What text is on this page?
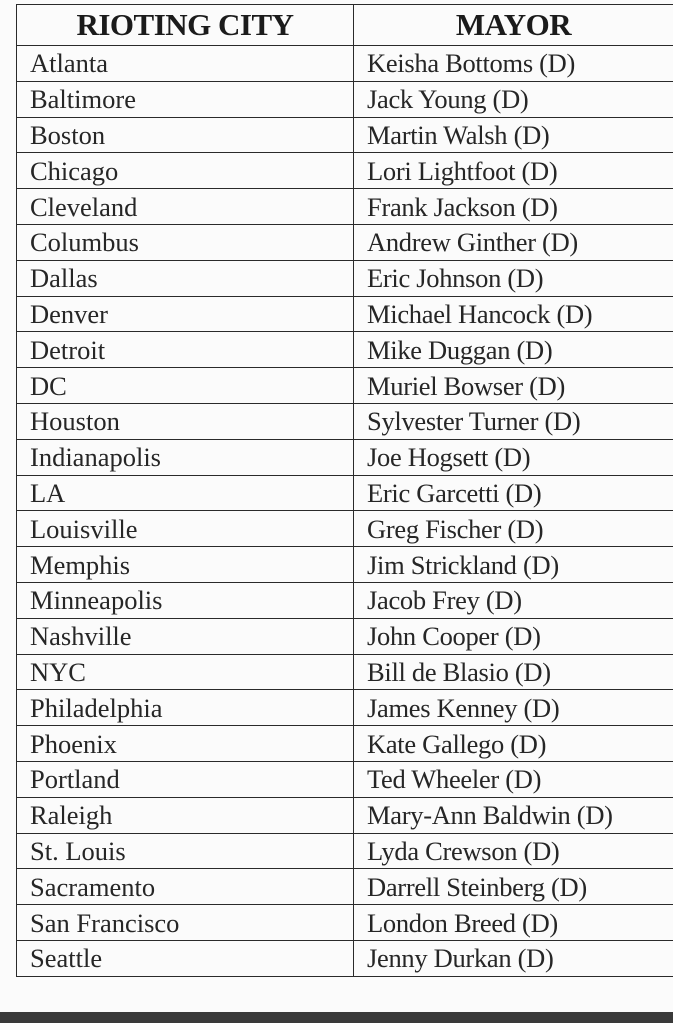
RIOTING CITY	MAYOR
Atlanta	Keisha Bottoms (D)
Baltimore	Jack Young (D)
Boston	Martin Walsh (D)
Chicago	Lori Lightfoot (D)
Cleveland	Frank Jackson (D)
Columbus	Andrew Ginther (D)
Dallas	Eric Johnson (D)
Denver	Michael Hancock (D)
Detroit	Mike Duggan (D)
DC	Muriel Bowser (D)
Houston	Sylvester Turner (D)
Indianapolis	Joe Hogsett (D)
LA	Eric Garcetti (D)
Louisville	Greg Fischer (D)
Memphis	Jim Strickland (D)
Minneapolis	Jacob Frey (D)
Nashville	John Cooper (D)
NYC	Bill de Blasio (D)
Philadelphia	James Kenney (D)
Phoenix	Kate Gallego (D)
Portland	Ted Wheeler (D)
Raleigh	Mary-Ann Baldwin (D)
St. Louis	Lyda Crewson (D)
Sacramento	Darrell Steinberg (D)
San Francisco	London Breed (D)
Seattle	Jenny Durkan (D)
